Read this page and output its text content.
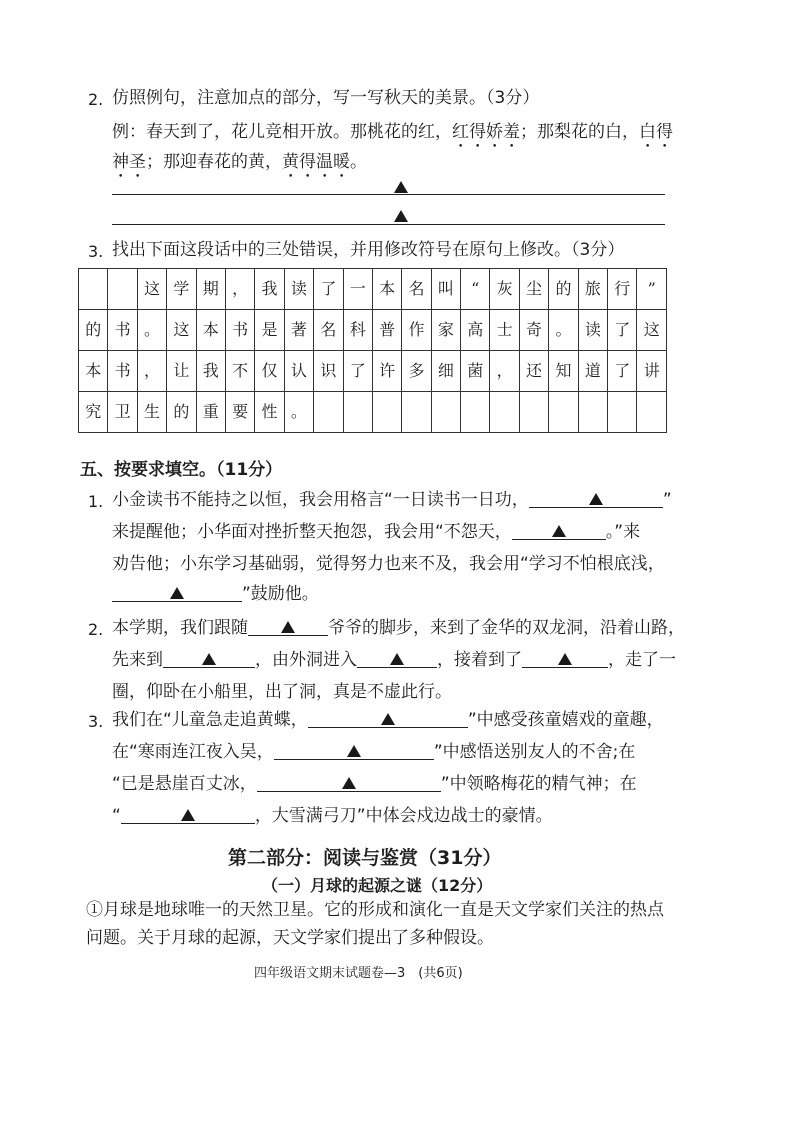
2. 仿照例句，注意加点的部分，写一写秋天的美景。（3分）
例：春天到了，花儿竞相开放。那桃花的红，红得娇羞；那梨花的白，白得
神圣；那迎春花的黄，黄得温暖。
3. 找出下面这段话中的三处错误，并用修改符号在原句上修改。（3分）
		这	学	期	，	我	读	了	一	本	名	叫	“	灰	尘	的	旅	行	”
的	书	。	这	本	书	是	著	名	科	普	作	家	高	士	奇	。	读	了	这
本	书	，	让	我	不	仅	认	识	了	许	多	细	菌	，	还	知	道	了	讲
究	卫	生	的	重	要	性	。												
五、按要求填空。（11分）
1. 小金读书不能持之以恒，我会用格言“一日读书一日功，	”
来提醒他；小华面对挫折整天抱怨，我会用“不怨天，	。”来
劝告他；小东学习基础弱，觉得努力也来不及，我会用“学习不怕根底浅，
”鼓励他。
2. 本学期，我们跟随	爷爷的脚步，来到了金华的双龙洞，沿着山路，
先来到	，由外洞进入	，接着到了	，走了一
圈，仰卧在小船里，出了洞，真是不虚此行。
3. 我们在“儿童急走追黄蝶，	”中感受孩童嬉戏的童趣，
在“寒雨连江夜入吴，	”中感悟送别友人的不舍;在
“已是悬崖百丈冰，	”中领略梅花的精气神；在
“	，大雪满弓刀”中体会戍边战士的豪情。
第二部分：阅读与鉴赏（31分）
（一）月球的起源之谜（12分）
①月球是地球唯一的天然卫星。它的形成和演化一直是天文学家们关注的热点
问题。关于月球的起源，天文学家们提出了多种假设。
四年级语文期末试题卷—3　(共6页)
